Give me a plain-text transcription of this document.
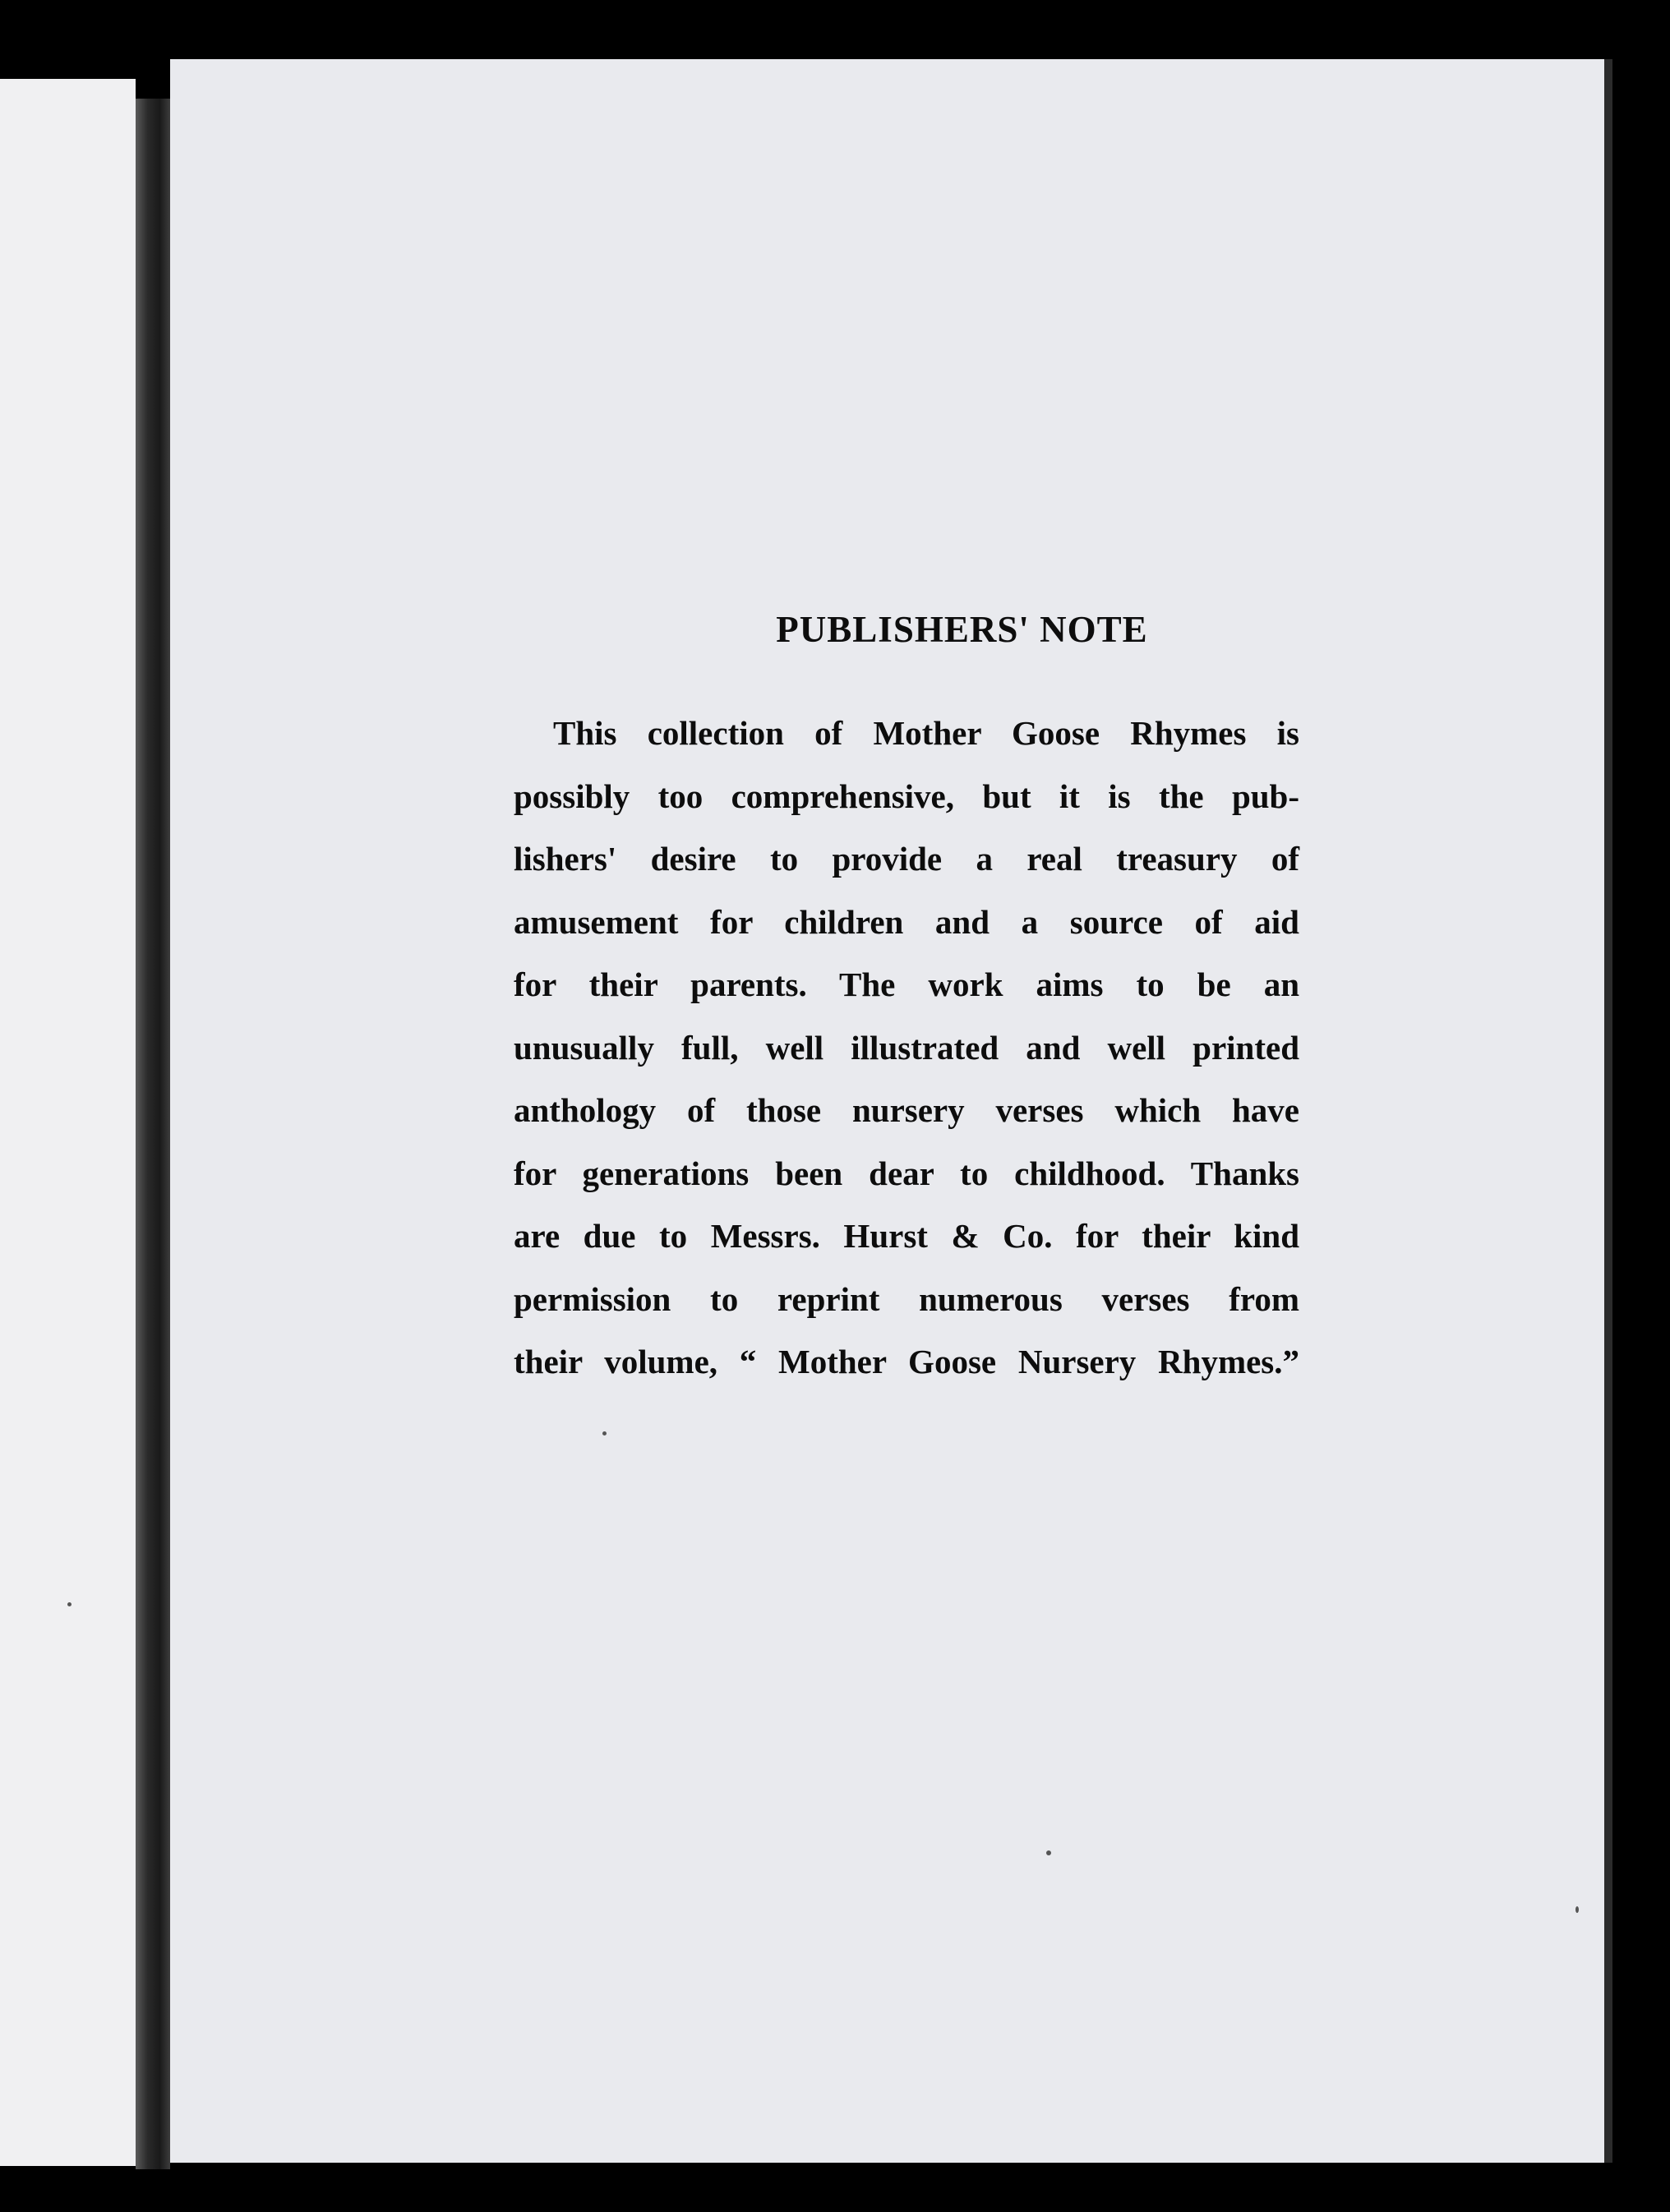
PUBLISHERS' NOTE

This collection of Mother Goose Rhymes is
possibly too comprehensive, but it is the pub-
lishers' desire to provide a real treasury of
amusement for children and a source of aid
for their parents. The work aims to be an
unusually full, well illustrated and well printed
anthology of those nursery verses which have
for generations been dear to childhood. Thanks
are due to Messrs. Hurst & Co. for their kind
permission to reprint numerous verses from
their volume, “ Mother Goose Nursery Rhymes.”
